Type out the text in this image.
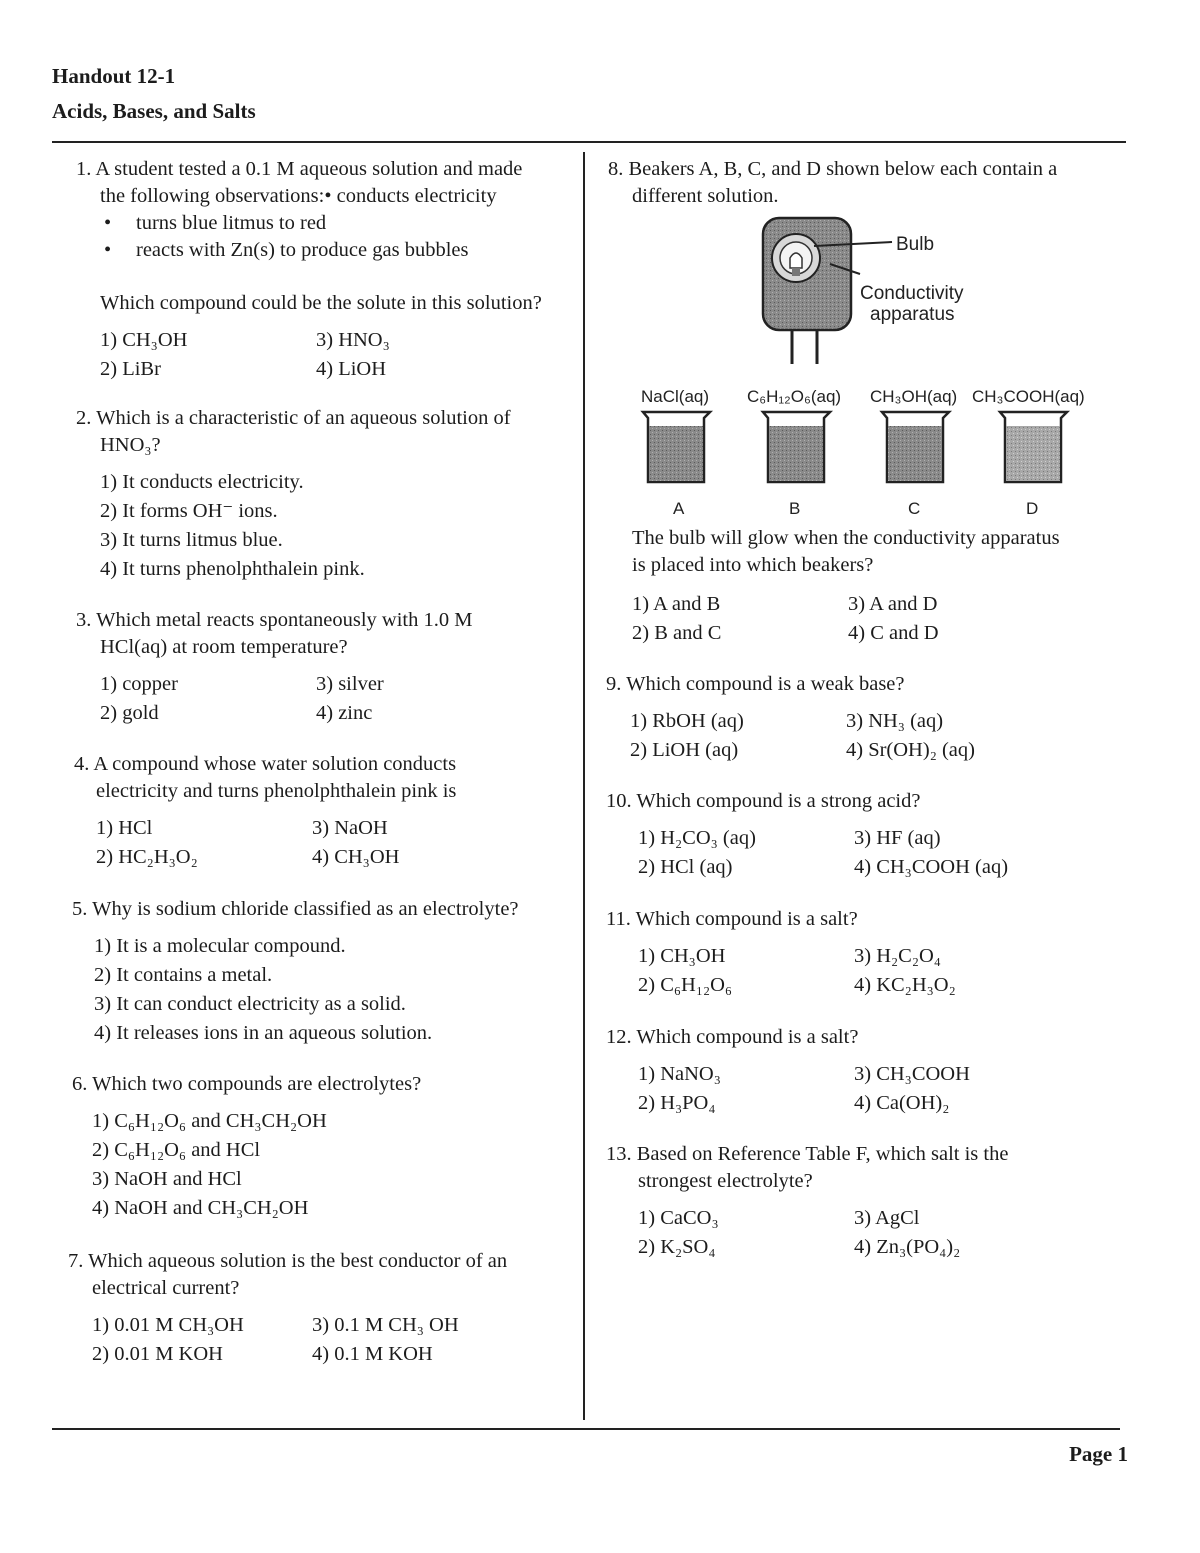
Handout 12-1
Acids, Bases, and Salts
1. A student tested a 0.1 M aqueous solution and made
the following observations:• conducts electricity
• turns blue litmus to red
• reacts with Zn(s) to produce gas bubbles
Which compound could be the solute in this solution?
1) CH₃OH	3) HNO₃
2) LiBr	4) LiOH
2. Which is a characteristic of an aqueous solution of
HNO₃?
1) It conducts electricity.
2) It forms OH⁻ ions.
3) It turns litmus blue.
4) It turns phenolphthalein pink.
3. Which metal reacts spontaneously with 1.0 M
HCl(aq) at room temperature?
1) copper	3) silver
2) gold	4) zinc
4. A compound whose water solution conducts
electricity and turns phenolphthalein pink is
1) HCl	3) NaOH
2) HC₂H₃O₂	4) CH₃OH
5. Why is sodium chloride classified as an electrolyte?
1) It is a molecular compound.
2) It contains a metal.
3) It can conduct electricity as a solid.
4) It releases ions in an aqueous solution.
6. Which two compounds are electrolytes?
1) C₆H₁₂O₆ and CH₃CH₂OH
2) C₆H₁₂O₆ and HCl
3) NaOH and HCl
4) NaOH and CH₃CH₂OH
7. Which aqueous solution is the best conductor of an
electrical current?
1) 0.01 M CH₃OH	3) 0.1 M CH₃ OH
2) 0.01 M KOH	4) 0.1 M KOH
8. Beakers A, B, C, and D shown below each contain a
different solution.
Bulb
Conductivity
apparatus
NaCl(aq) C₆H₁₂O₆(aq) CH₃OH(aq) CH₃COOH(aq)
A	B	C	D
The bulb will glow when the conductivity apparatus
is placed into which beakers?
1) A and B	3) A and D
2) B and C	4) C and D
9. Which compound is a weak base?
1) RbOH (aq)	3) NH₃ (aq)
2) LiOH (aq)	4) Sr(OH)₂ (aq)
10. Which compound is a strong acid?
1) H₂CO₃ (aq)	3) HF (aq)
2) HCl (aq)	4) CH₃COOH (aq)
11. Which compound is a salt?
1) CH₃OH	3) H₂C₂O₄
2) C₆H₁₂O₆	4) KC₂H₃O₂
12. Which compound is a salt?
1) NaNO₃	3) CH₃COOH
2) H₃PO₄	4) Ca(OH)₂
13. Based on Reference Table F, which salt is the
strongest electrolyte?
1) CaCO₃	3) AgCl
2) K₂SO₄	4) Zn₃(PO₄)₂
Page 1
